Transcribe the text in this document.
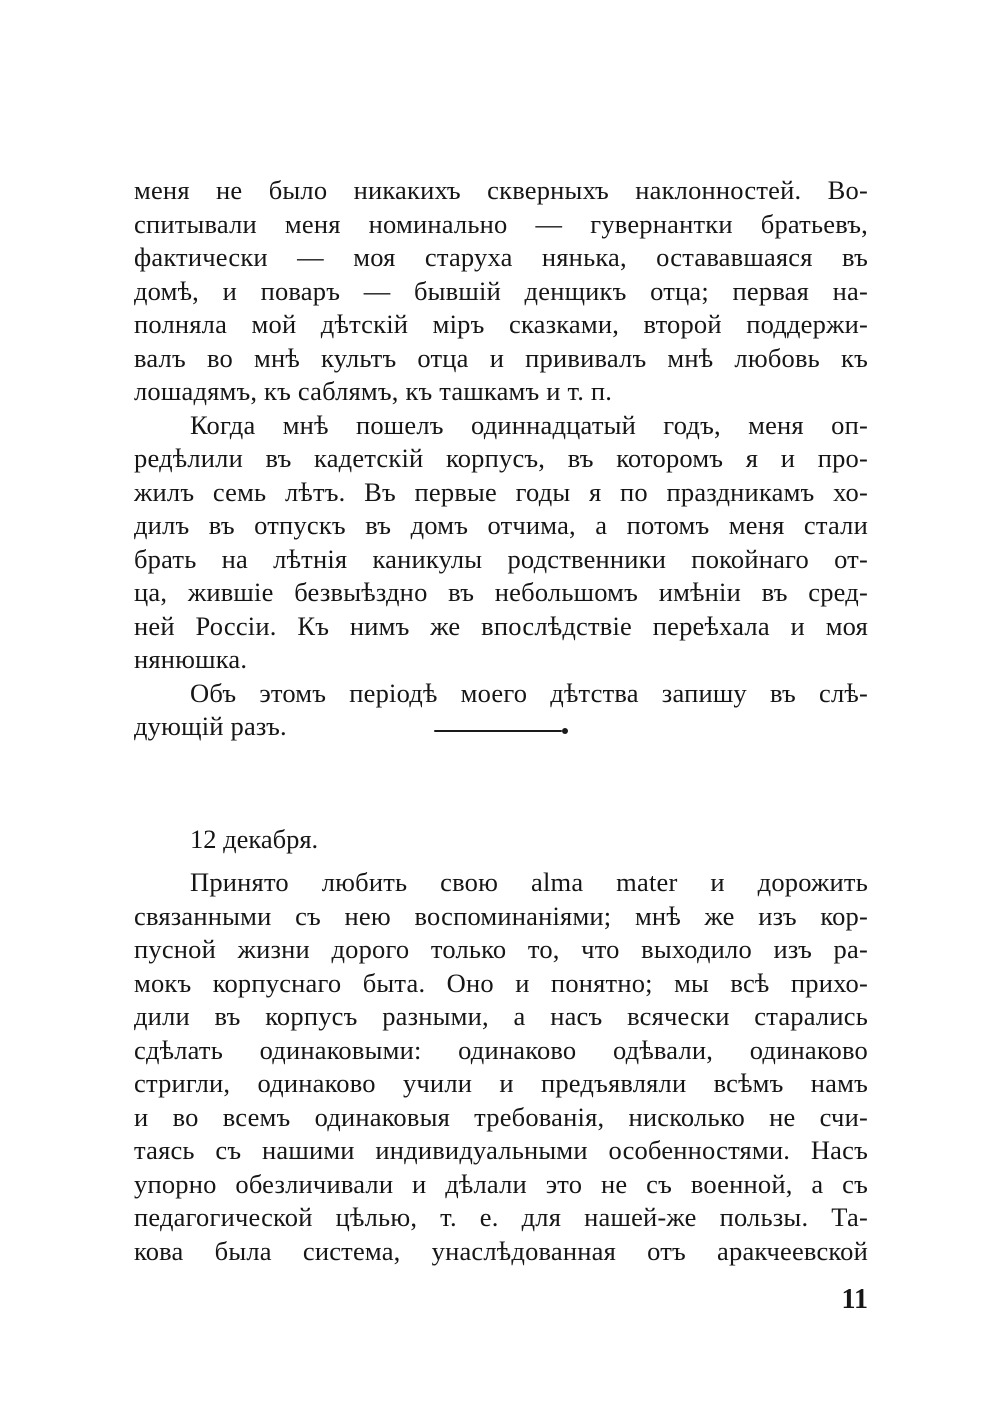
меня не было никакихъ скверныхъ наклонностей. Во-
спитывали меня номинально — гувернантки братьевъ,
фактически — моя старуха нянька, остававшаяся въ
домѣ, и поваръ — бывшiй денщикъ отца; первая на-
полняла мой дѣтскiй мiръ сказками, второй поддержи-
валъ во мнѣ культъ отца и прививалъ мнѣ любовь къ
лошадямъ, къ саблямъ, къ ташкамъ и т. п.
Когда мнѣ пошелъ одиннадцатый годъ, меня оп-
редѣлили въ кадетскiй корпусъ, въ которомъ я и про-
жилъ семь лѣтъ. Въ первые годы я по праздникамъ хо-
дилъ въ отпускъ въ домъ отчима, а потомъ меня стали
брать на лѣтнiя каникулы родственники покойнаго от-
ца, жившiе безвыѣздно въ небольшомъ имѣнiи въ сред-
ней Россiи. Къ нимъ же впослѣдствiе переѣхала и моя
нянюшка.
Объ этомъ перiодѣ моего дѣтства запишу въ слѣ-
дующiй разъ.
12 декабря.
Принято любить свою alma mater и дорожить
связанными съ нею воспоминанiями; мнѣ же изъ кор-
пусной жизни дорого только то, что выходило изъ ра-
мокъ корпуснаго быта. Оно и понятно; мы всѣ прихо-
дили въ корпусъ разными, а насъ всячески старались
сдѣлать одинаковыми: одинаково одѣвали, одинаково
стригли, одинаково учили и предъявляли всѣмъ намъ
и во всемъ одинаковыя требованiя, нисколько не счи-
таясь съ нашими индивидуальными особенностями. Насъ
упорно обезличивали и дѣлали это не съ военной, а съ
педагогической цѣлью, т. е. для нашей-же пользы. Та-
кова была система, унаслѣдованная отъ аракчеевской
11
